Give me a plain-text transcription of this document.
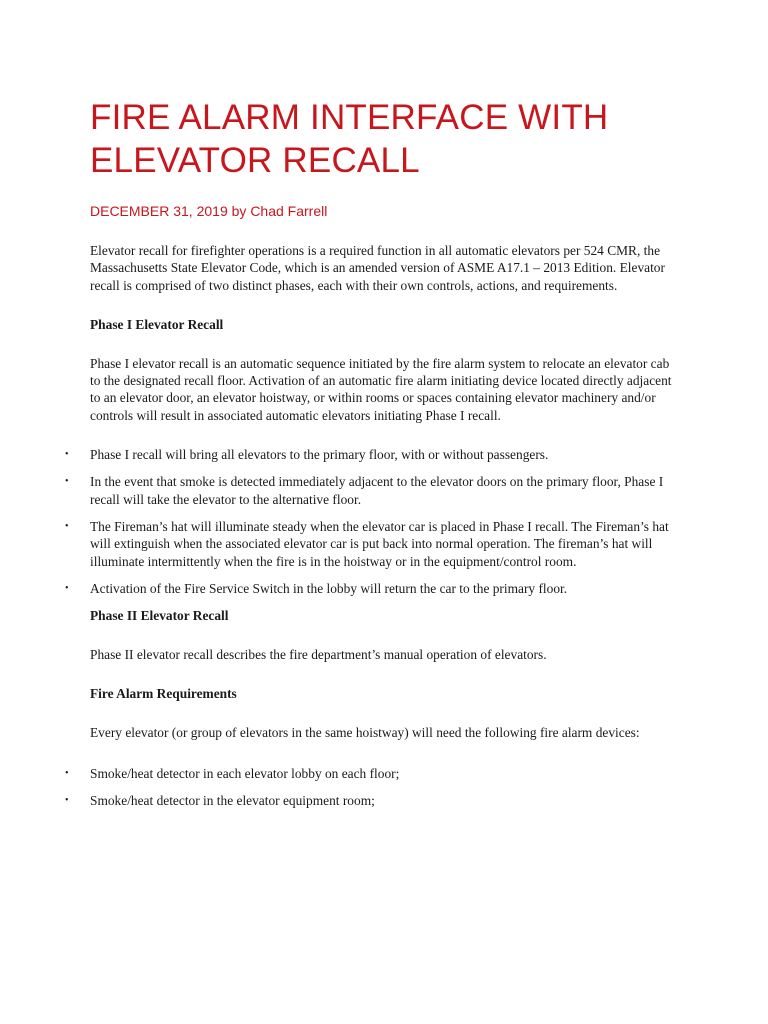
FIRE ALARM INTERFACE WITH ELEVATOR RECALL
DECEMBER 31, 2019 by Chad Farrell

Elevator recall for firefighter operations is a required function in all automatic elevators per 524 CMR, the Massachusetts State Elevator Code, which is an amended version of ASME A17.1 – 2013 Edition. Elevator recall is comprised of two distinct phases, each with their own controls, actions, and requirements.

Phase I Elevator Recall

Phase I elevator recall is an automatic sequence initiated by the fire alarm system to relocate an elevator cab to the designated recall floor. Activation of an automatic fire alarm initiating device located directly adjacent to an elevator door, an elevator hoistway, or within rooms or spaces containing elevator machinery and/or controls will result in associated automatic elevators initiating Phase I recall.

• Phase I recall will bring all elevators to the primary floor, with or without passengers.
• In the event that smoke is detected immediately adjacent to the elevator doors on the primary floor, Phase I recall will take the elevator to the alternative floor.
• The Fireman’s hat will illuminate steady when the elevator car is placed in Phase I recall. The Fireman’s hat will extinguish when the associated elevator car is put back into normal operation. The fireman’s hat will illuminate intermittently when the fire is in the hoistway or in the equipment/control room.
• Activation of the Fire Service Switch in the lobby will return the car to the primary floor.
Phase II Elevator Recall

Phase II elevator recall describes the fire department’s manual operation of elevators.

Fire Alarm Requirements

Every elevator (or group of elevators in the same hoistway) will need the following fire alarm devices:

• Smoke/heat detector in each elevator lobby on each floor;
• Smoke/heat detector in the elevator equipment room;
